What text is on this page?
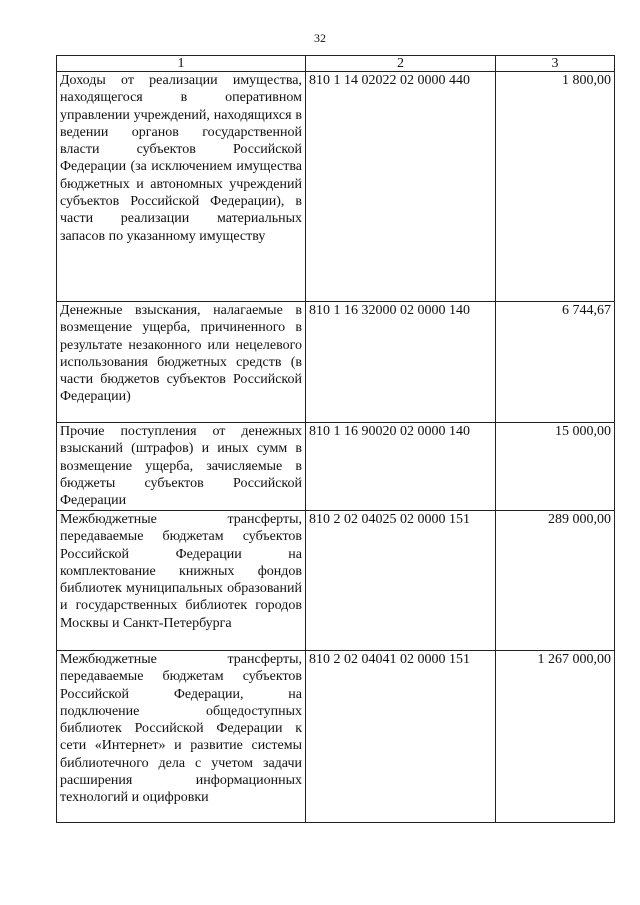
32
1	2	3
Доходы от реализации имущества, находящегося в оперативном управлении учреждений, находящихся в ведении органов государственной власти субъектов Российской Федерации (за исключением имущества бюджетных и автономных учреждений субъектов Российской Федерации), в части реализации материальных запасов по указанному имуществу	810 1 14 02022 02 0000 440	1 800,00
Денежные взыскания, налагаемые в возмещение ущерба, причиненного в результате незаконного или нецелевого использования бюджетных средств (в части бюджетов субъектов Российской Федерации)	810 1 16 32000 02 0000 140	6 744,67
Прочие поступления от денежных взысканий (штрафов) и иных сумм в возмещение ущерба, зачисляемые в бюджеты субъектов Российской Федерации	810 1 16 90020 02 0000 140	15 000,00
Межбюджетные трансферты, передаваемые бюджетам субъектов Российской Федерации на комплектование книжных фондов библиотек муниципальных образований и государственных библиотек городов Москвы и Санкт-Петербурга	810 2 02 04025 02 0000 151	289 000,00
Межбюджетные трансферты, передаваемые бюджетам субъектов Российской Федерации, на подключение общедоступных библиотек Российской Федерации к сети «Интернет» и развитие системы библиотечного дела с учетом задачи расширения информационных технологий и оцифровки	810 2 02 04041 02 0000 151	1 267 000,00
